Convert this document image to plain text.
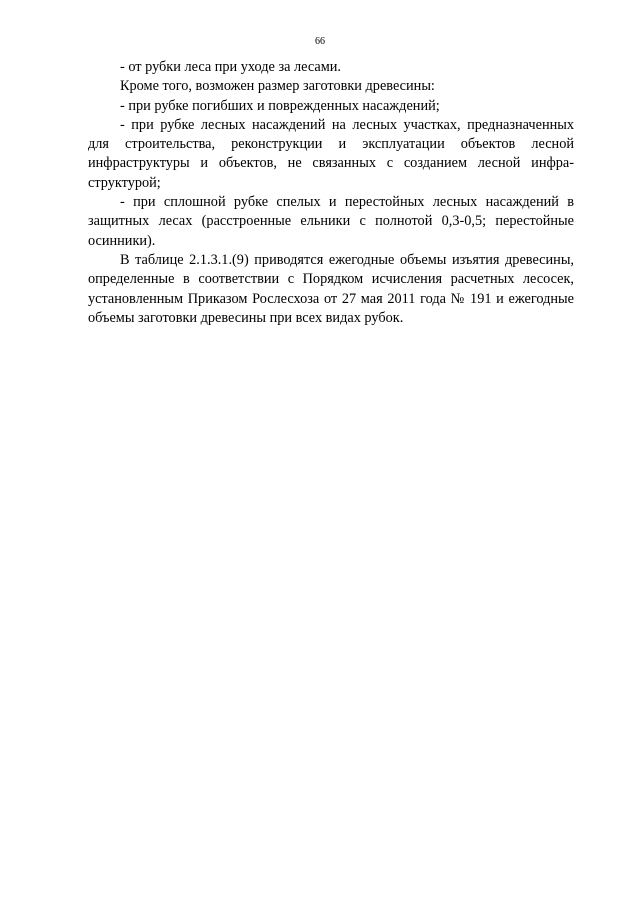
66

- от рубки леса при уходе за лесами.

Кроме того, возможен размер заготовки древесины:

- при рубке погибших и поврежденных насаждений;

- при рубке лесных насаждений на лесных участках, предназначенных для строительства, реконструкции и эксплуатации объектов лесной инфраструктуры и объектов, не связанных с созданием лесной инфраструктурой;

- при сплошной рубке спелых и перестойных лесных насаждений в защитных лесах (расстроенные ельники с полнотой 0,3-0,5; перестойные осинники).

В таблице 2.1.3.1.(9) приводятся ежегодные объемы изъятия древесины, определенные в соответствии с Порядком исчисления расчетных лесосек, установленным Приказом Рослесхоза от 27 мая 2011 года № 191 и ежегодные объемы заготовки древесины при всех видах рубок.
